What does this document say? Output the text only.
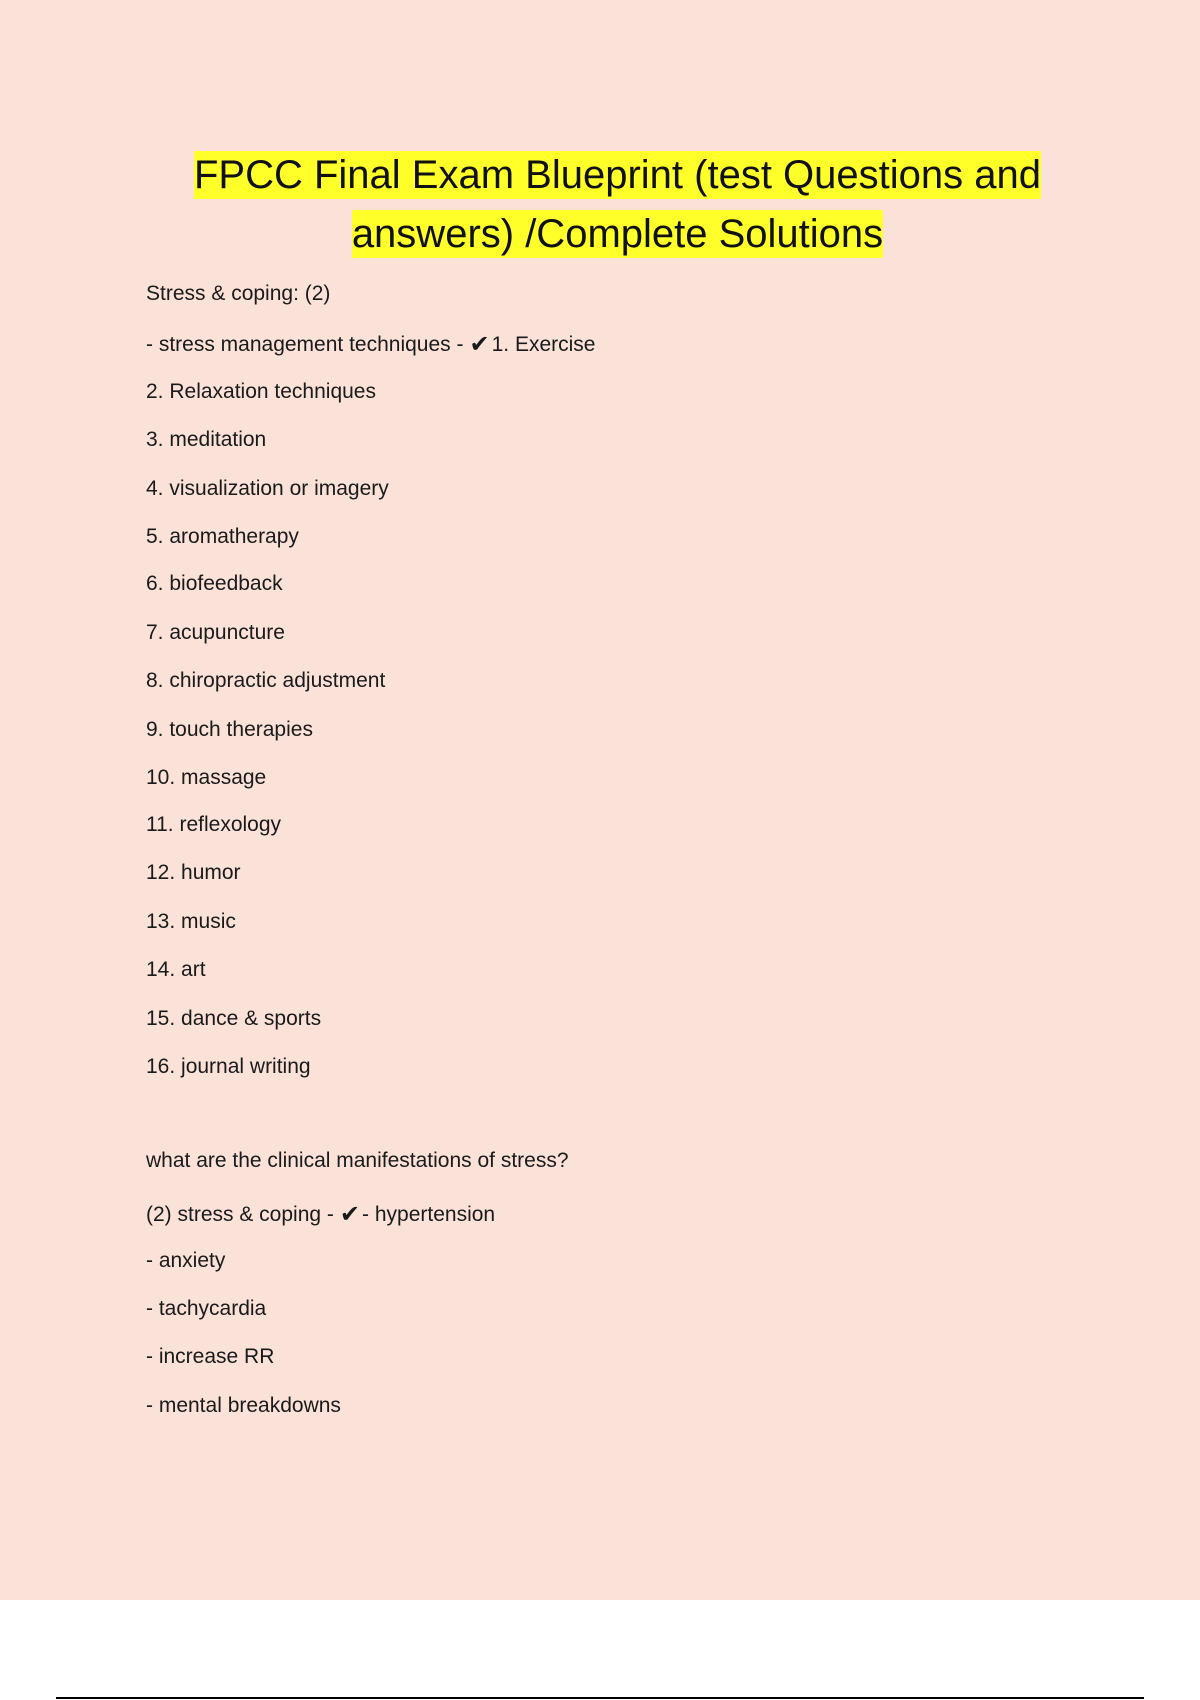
FPCC Final Exam Blueprint (test Questions and
answers) /Complete Solutions
Stress & coping: (2)
- stress management techniques - ✔1. Exercise
2. Relaxation techniques
3. meditation
4. visualization or imagery
5. aromatherapy
6. biofeedback
7. acupuncture
8. chiropractic adjustment
9. touch therapies
10. massage
11. reflexology
12. humor
13. music
14. art
15. dance & sports
16. journal writing
what are the clinical manifestations of stress?
(2) stress & coping - ✔- hypertension
- anxiety
- tachycardia
- increase RR
- mental breakdowns
